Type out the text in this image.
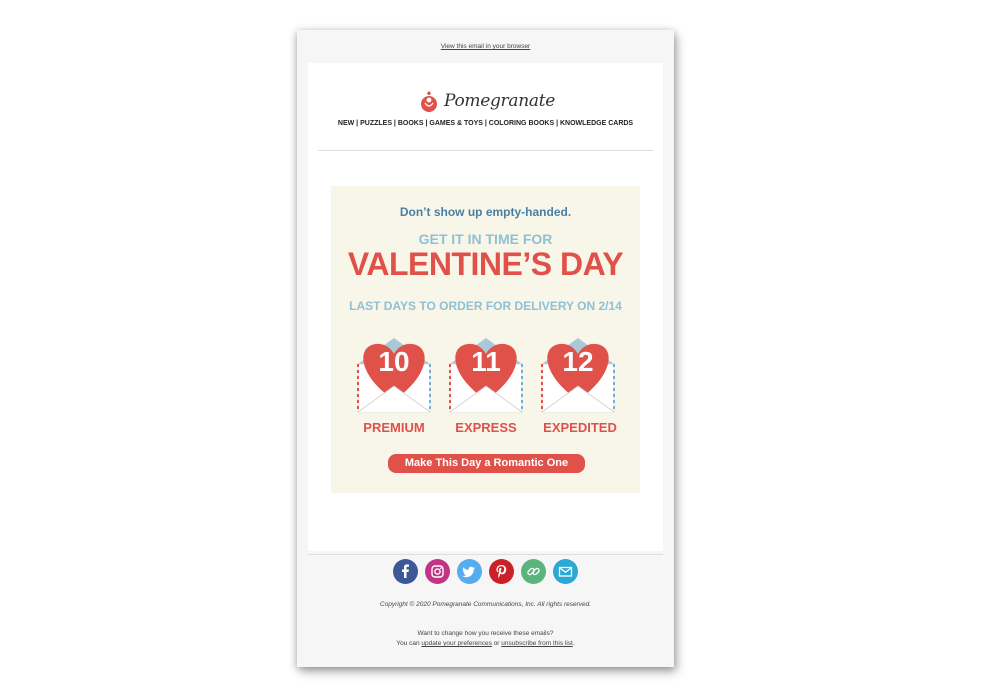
View this email in your browser
Pomegranate
NEW | PUZZLES | BOOKS | GAMES & TOYS | COLORING BOOKS | KNOWLEDGE CARDS
Don’t show up empty-handed.
GET IT IN TIME FOR
VALENTINE’S DAY
LAST DAYS TO ORDER FOR DELIVERY ON 2/14
10
PREMIUM
11
EXPRESS
12
EXPEDITED
Make This Day a Romantic One
Copyright © 2020 Pomegranate Communications, Inc. All rights reserved.
Want to change how you receive these emails?
You can update your preferences or unsubscribe from this list.
